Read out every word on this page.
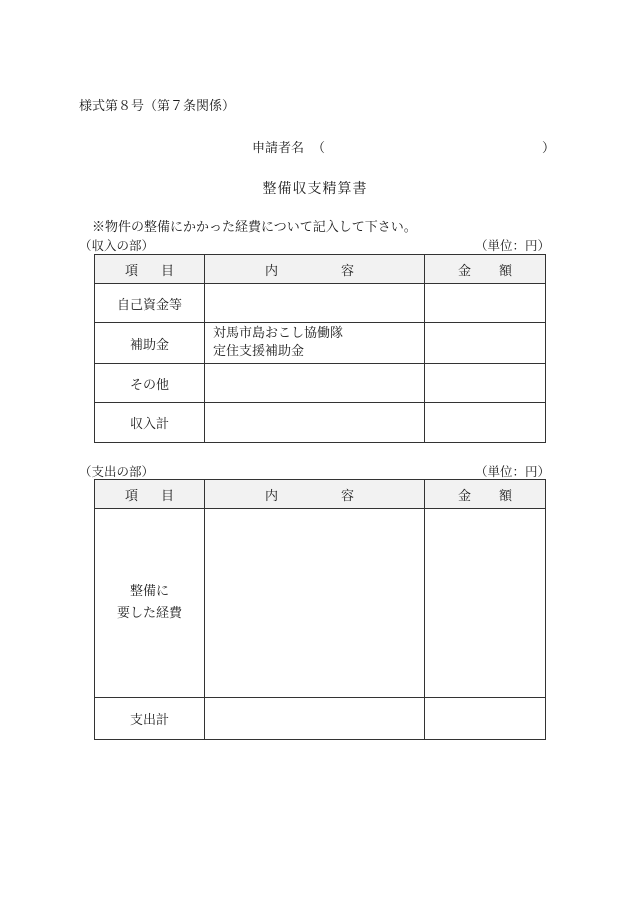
様式第８号（第７条関係）
申請者名 （	）
整備収支精算書
※物件の整備にかかった経費について記入して下さい。
（収入の部）	（単位：円）
項 目	内 容	金 額

自己資金等		
補助金	対馬市島おこし協働隊
定住支援補助金	

その他		
収入計		
（支出の部）	（単位：円）
項 目	内 容	金 額

整備に
要した経費		

支出計		
